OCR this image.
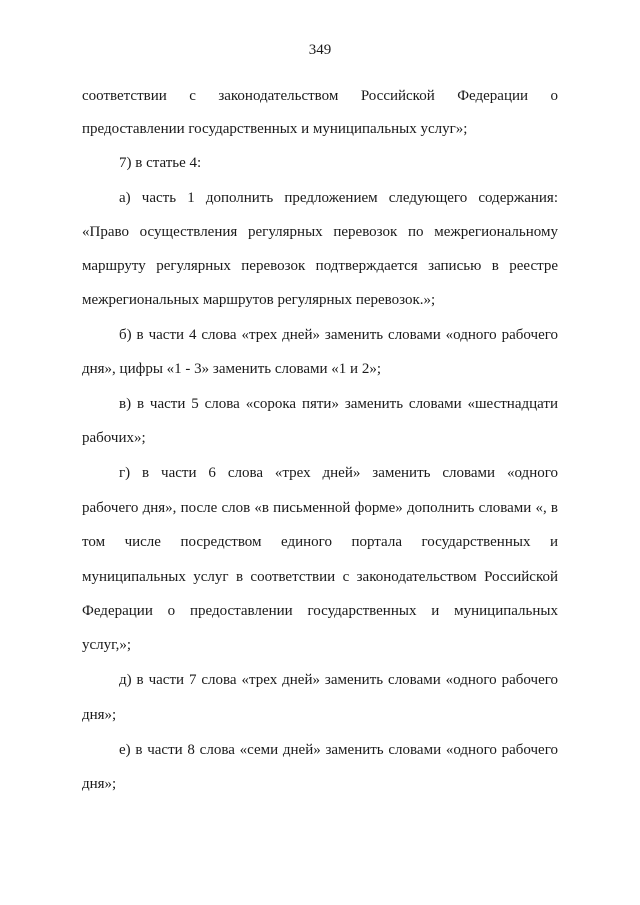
349
соответствии с законодательством Российской Федерации о
предоставлении государственных и муниципальных услуг»;
7) в статье 4:
а) часть 1 дополнить предложением следующего содержания:
«Право осуществления регулярных перевозок по межрегиональному
маршруту регулярных перевозок подтверждается записью в реестре
межрегиональных маршрутов регулярных перевозок.»;
б) в части 4 слова «трех дней» заменить словами «одного рабочего
дня», цифры «1 - 3» заменить словами «1 и 2»;
в) в части 5 слова «сорока пяти» заменить словами «шестнадцати
рабочих»;
г) в части 6 слова «трех дней» заменить словами «одного
рабочего дня», после слов «в письменной форме» дополнить словами «, в
том числе посредством единого портала государственных и
муниципальных услуг в соответствии с законодательством Российской
Федерации о предоставлении государственных и муниципальных
услуг,»;
д) в части 7 слова «трех дней» заменить словами «одного рабочего
дня»;
е) в части 8 слова «семи дней» заменить словами «одного рабочего
дня»;
